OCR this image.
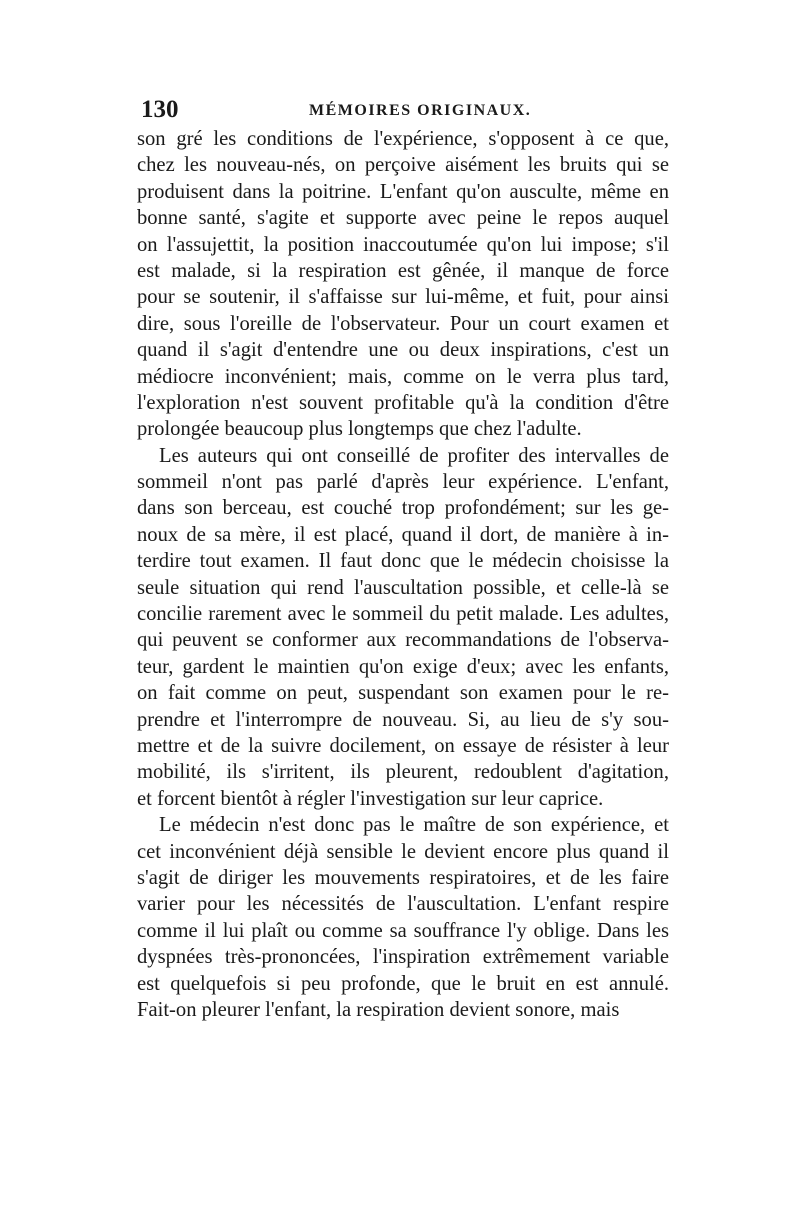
130	MÉMOIRES ORIGINAUX.
son gré les conditions de l'expérience, s'opposent à ce que,
chez les nouveau-nés, on perçoive aisément les bruits qui se
produisent dans la poitrine. L'enfant qu'on ausculte, même en
bonne santé, s'agite et supporte avec peine le repos auquel
on l'assujettit, la position inaccoutumée qu'on lui impose; s'il
est malade, si la respiration est gênée, il manque de force
pour se soutenir, il s'affaisse sur lui-même, et fuit, pour ainsi
dire, sous l'oreille de l'observateur. Pour un court examen et
quand il s'agit d'entendre une ou deux inspirations, c'est un
médiocre inconvénient; mais, comme on le verra plus tard,
l'exploration n'est souvent profitable qu'à la condition d'être
prolongée beaucoup plus longtemps que chez l'adulte.
Les auteurs qui ont conseillé de profiter des intervalles de
sommeil n'ont pas parlé d'après leur expérience. L'enfant,
dans son berceau, est couché trop profondément; sur les ge-
noux de sa mère, il est placé, quand il dort, de manière à in-
terdire tout examen. Il faut donc que le médecin choisisse la
seule situation qui rend l'auscultation possible, et celle-là se
concilie rarement avec le sommeil du petit malade. Les adultes,
qui peuvent se conformer aux recommandations de l'observa-
teur, gardent le maintien qu'on exige d'eux; avec les enfants,
on fait comme on peut, suspendant son examen pour le re-
prendre et l'interrompre de nouveau. Si, au lieu de s'y sou-
mettre et de la suivre docilement, on essaye de résister à leur
mobilité, ils s'irritent, ils pleurent, redoublent d'agitation,
et forcent bientôt à régler l'investigation sur leur caprice.
Le médecin n'est donc pas le maître de son expérience, et
cet inconvénient déjà sensible le devient encore plus quand il
s'agit de diriger les mouvements respiratoires, et de les faire
varier pour les nécessités de l'auscultation. L'enfant respire
comme il lui plaît ou comme sa souffrance l'y oblige. Dans les
dyspnées très-prononcées, l'inspiration extrêmement variable
est quelquefois si peu profonde, que le bruit en est annulé.
Fait-on pleurer l'enfant, la respiration devient sonore, mais
